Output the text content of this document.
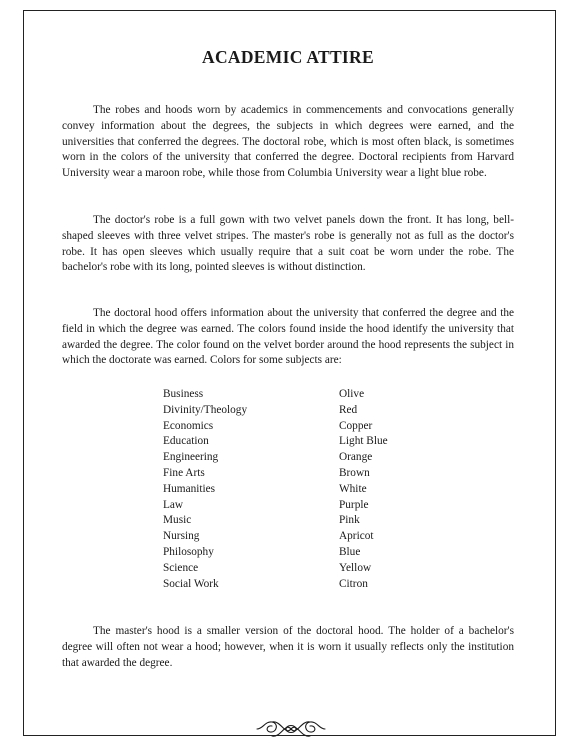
ACADEMIC ATTIRE

The robes and hoods worn by academics in commencements and convocations generally convey information about the degrees, the subjects in which degrees were earned, and the universities that conferred the degrees. The doctoral robe, which is most often black, is sometimes worn in the colors of the university that conferred the degree. Doctoral recipients from Harvard University wear a maroon robe, while those from Columbia University wear a light blue robe.

The doctor's robe is a full gown with two velvet panels down the front. It has long, bell-shaped sleeves with three velvet stripes. The master's robe is generally not as full as the doctor's robe. It has open sleeves which usually require that a suit coat be worn under the robe. The bachelor's robe with its long, pointed sleeves is without distinction.

The doctoral hood offers information about the university that conferred the degree and the field in which the degree was earned. The colors found inside the hood identify the university that awarded the degree. The color found on the velvet border around the hood represents the subject in which the doctorate was earned. Colors for some subjects are:

Business	Olive
Divinity/Theology	Red
Economics	Copper
Education	Light Blue
Engineering	Orange
Fine Arts	Brown
Humanities	White
Law	Purple
Music	Pink
Nursing	Apricot
Philosophy	Blue
Science	Yellow
Social Work	Citron

The master's hood is a smaller version of the doctoral hood. The holder of a bachelor's degree will often not wear a hood; however, when it is worn it usually reflects only the institution that awarded the degree.
